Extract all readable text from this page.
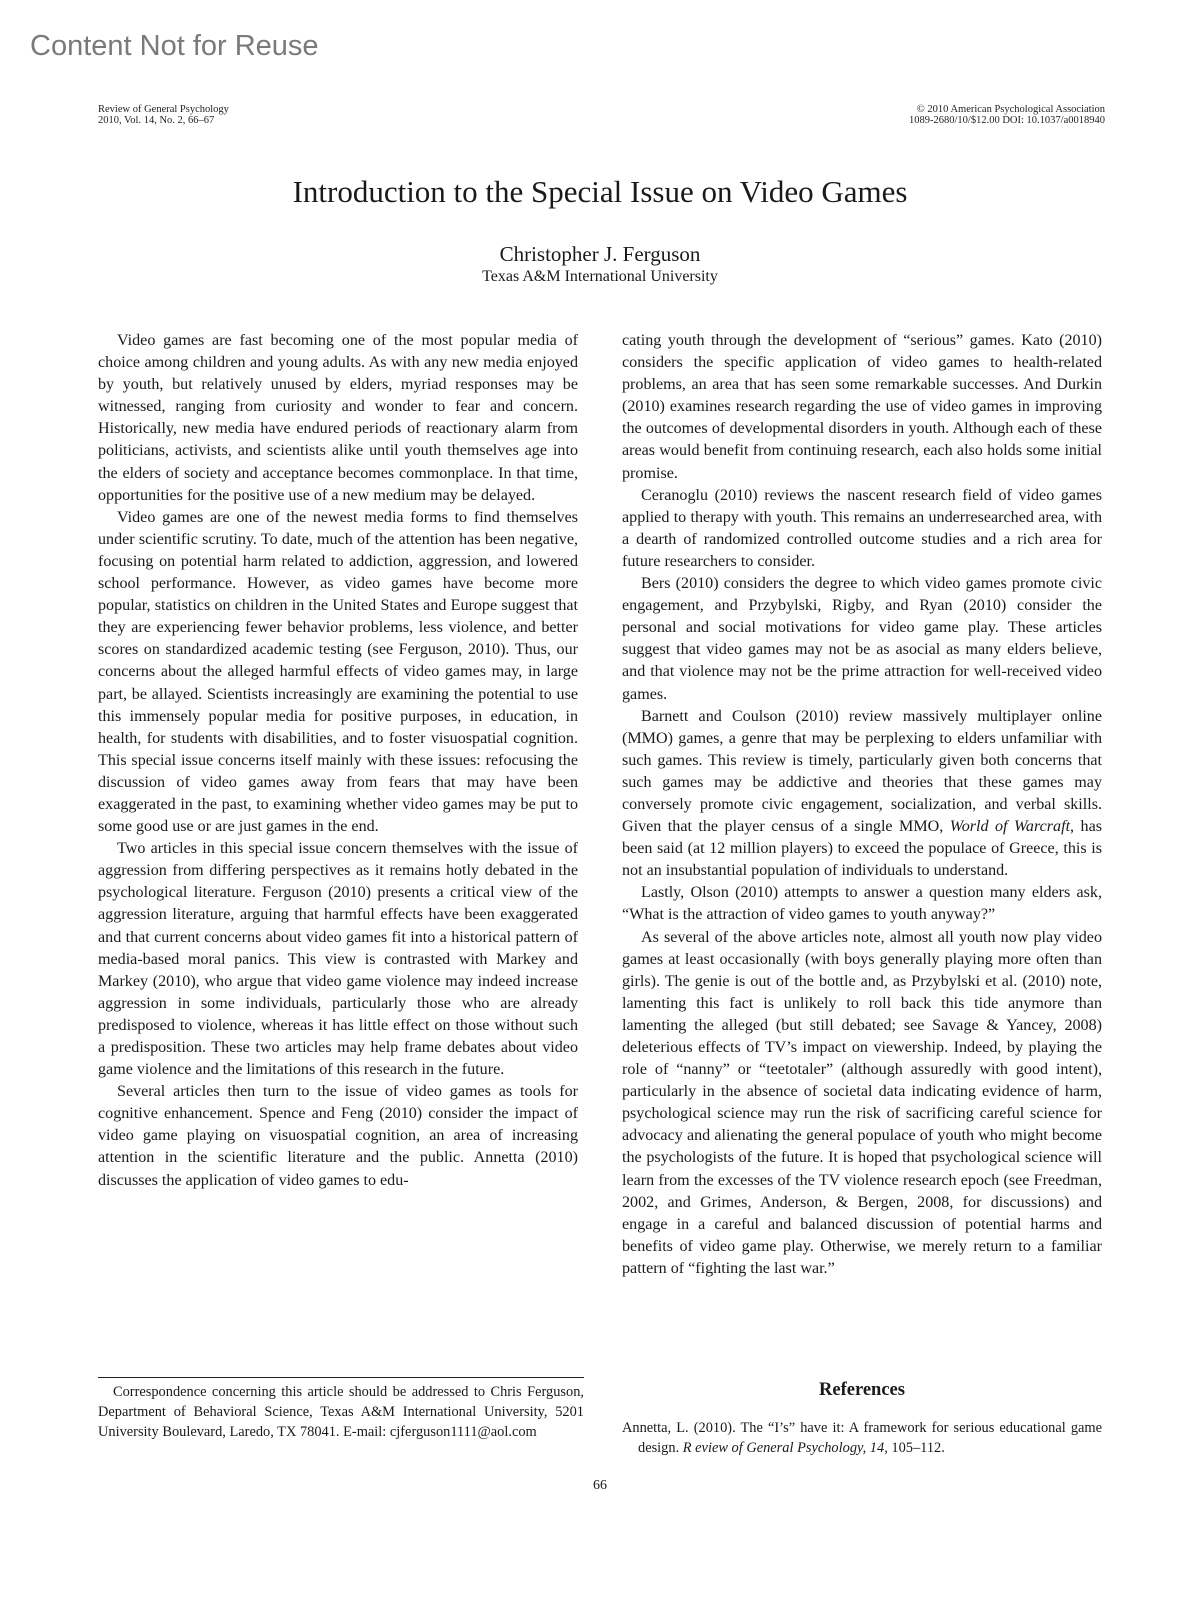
Content Not for Reuse
Review of General Psychology
2010, Vol. 14, No. 2, 66–67
© 2010 American Psychological Association
1089-2680/10/$12.00 DOI: 10.1037/a0018940
Introduction to the Special Issue on Video Games
Christopher J. Ferguson
Texas A&M International University

Video games are fast becoming one of the most popular media of choice among children and young adults. As with any new media enjoyed by youth, but relatively unused by elders, myriad responses may be witnessed, ranging from curiosity and wonder to fear and concern. Historically, new media have endured periods of reactionary alarm from politicians, activists, and scientists alike until youth themselves age into the elders of society and acceptance becomes commonplace. In that time, opportunities for the positive use of a new medium may be delayed.

Video games are one of the newest media forms to find themselves under scientific scrutiny. To date, much of the attention has been negative, focusing on potential harm related to addiction, aggression, and lowered school performance. However, as video games have become more popular, statistics on children in the United States and Europe suggest that they are experiencing fewer behavior problems, less violence, and better scores on standardized academic testing (see Ferguson, 2010). Thus, our concerns about the alleged harmful effects of video games may, in large part, be allayed. Scientists increasingly are examining the potential to use this immensely popular media for positive purposes, in education, in health, for students with disabilities, and to foster visuospatial cognition. This special issue concerns itself mainly with these issues: refocusing the discussion of video games away from fears that may have been exaggerated in the past, to examining whether video games may be put to some good use or are just games in the end.

Two articles in this special issue concern themselves with the issue of aggression from differing perspectives as it remains hotly debated in the psychological literature. Ferguson (2010) presents a critical view of the aggression literature, arguing that harmful effects have been exaggerated and that current concerns about video games fit into a historical pattern of media-based moral panics. This view is contrasted with Markey and Markey (2010), who argue that video game violence may indeed increase aggression in some individuals, particularly those who are already predisposed to violence, whereas it has little effect on those without such a predisposition. These two articles may help frame debates about video game violence and the limitations of this research in the future.

Several articles then turn to the issue of video games as tools for cognitive enhancement. Spence and Feng (2010) consider the impact of video game playing on visuospatial cognition, an area of increasing attention in the scientific literature and the public. Annetta (2010) discusses the application of video games to edu-

cating youth through the development of “serious” games. Kato (2010) considers the specific application of video games to health-related problems, an area that has seen some remarkable successes. And Durkin (2010) examines research regarding the use of video games in improving the outcomes of developmental disorders in youth. Although each of these areas would benefit from continuing research, each also holds some initial promise.

Ceranoglu (2010) reviews the nascent research field of video games applied to therapy with youth. This remains an underresearched area, with a dearth of randomized controlled outcome studies and a rich area for future researchers to consider.

Bers (2010) considers the degree to which video games promote civic engagement, and Przybylski, Rigby, and Ryan (2010) consider the personal and social motivations for video game play. These articles suggest that video games may not be as asocial as many elders believe, and that violence may not be the prime attraction for well-received video games.

Barnett and Coulson (2010) review massively multiplayer online (MMO) games, a genre that may be perplexing to elders unfamiliar with such games. This review is timely, particularly given both concerns that such games may be addictive and theories that these games may conversely promote civic engagement, socialization, and verbal skills. Given that the player census of a single MMO, World of Warcraft, has been said (at 12 million players) to exceed the populace of Greece, this is not an insubstantial population of individuals to understand.

Lastly, Olson (2010) attempts to answer a question many elders ask, “What is the attraction of video games to youth anyway?”

As several of the above articles note, almost all youth now play video games at least occasionally (with boys generally playing more often than girls). The genie is out of the bottle and, as Przybylski et al. (2010) note, lamenting this fact is unlikely to roll back this tide anymore than lamenting the alleged (but still debated; see Savage & Yancey, 2008) deleterious effects of TV’s impact on viewership. Indeed, by playing the role of “nanny” or “teetotaler” (although assuredly with good intent), particularly in the absence of societal data indicating evidence of harm, psychological science may run the risk of sacrificing careful science for advocacy and alienating the general populace of youth who might become the psychologists of the future. It is hoped that psychological science will learn from the excesses of the TV violence research epoch (see Freedman, 2002, and Grimes, Anderson, & Bergen, 2008, for discussions) and engage in a careful and balanced discussion of potential harms and benefits of video game play. Otherwise, we merely return to a familiar pattern of “fighting the last war.”

Correspondence concerning this article should be addressed to Chris Ferguson, Department of Behavioral Science, Texas A&M International University, 5201 University Boulevard, Laredo, TX 78041. E-mail: cjferguson1111@aol.com
References
Annetta, L. (2010). The “I’s” have it: A framework for serious educational game design. R eview of General Psychology, 14, 105–112.
66
